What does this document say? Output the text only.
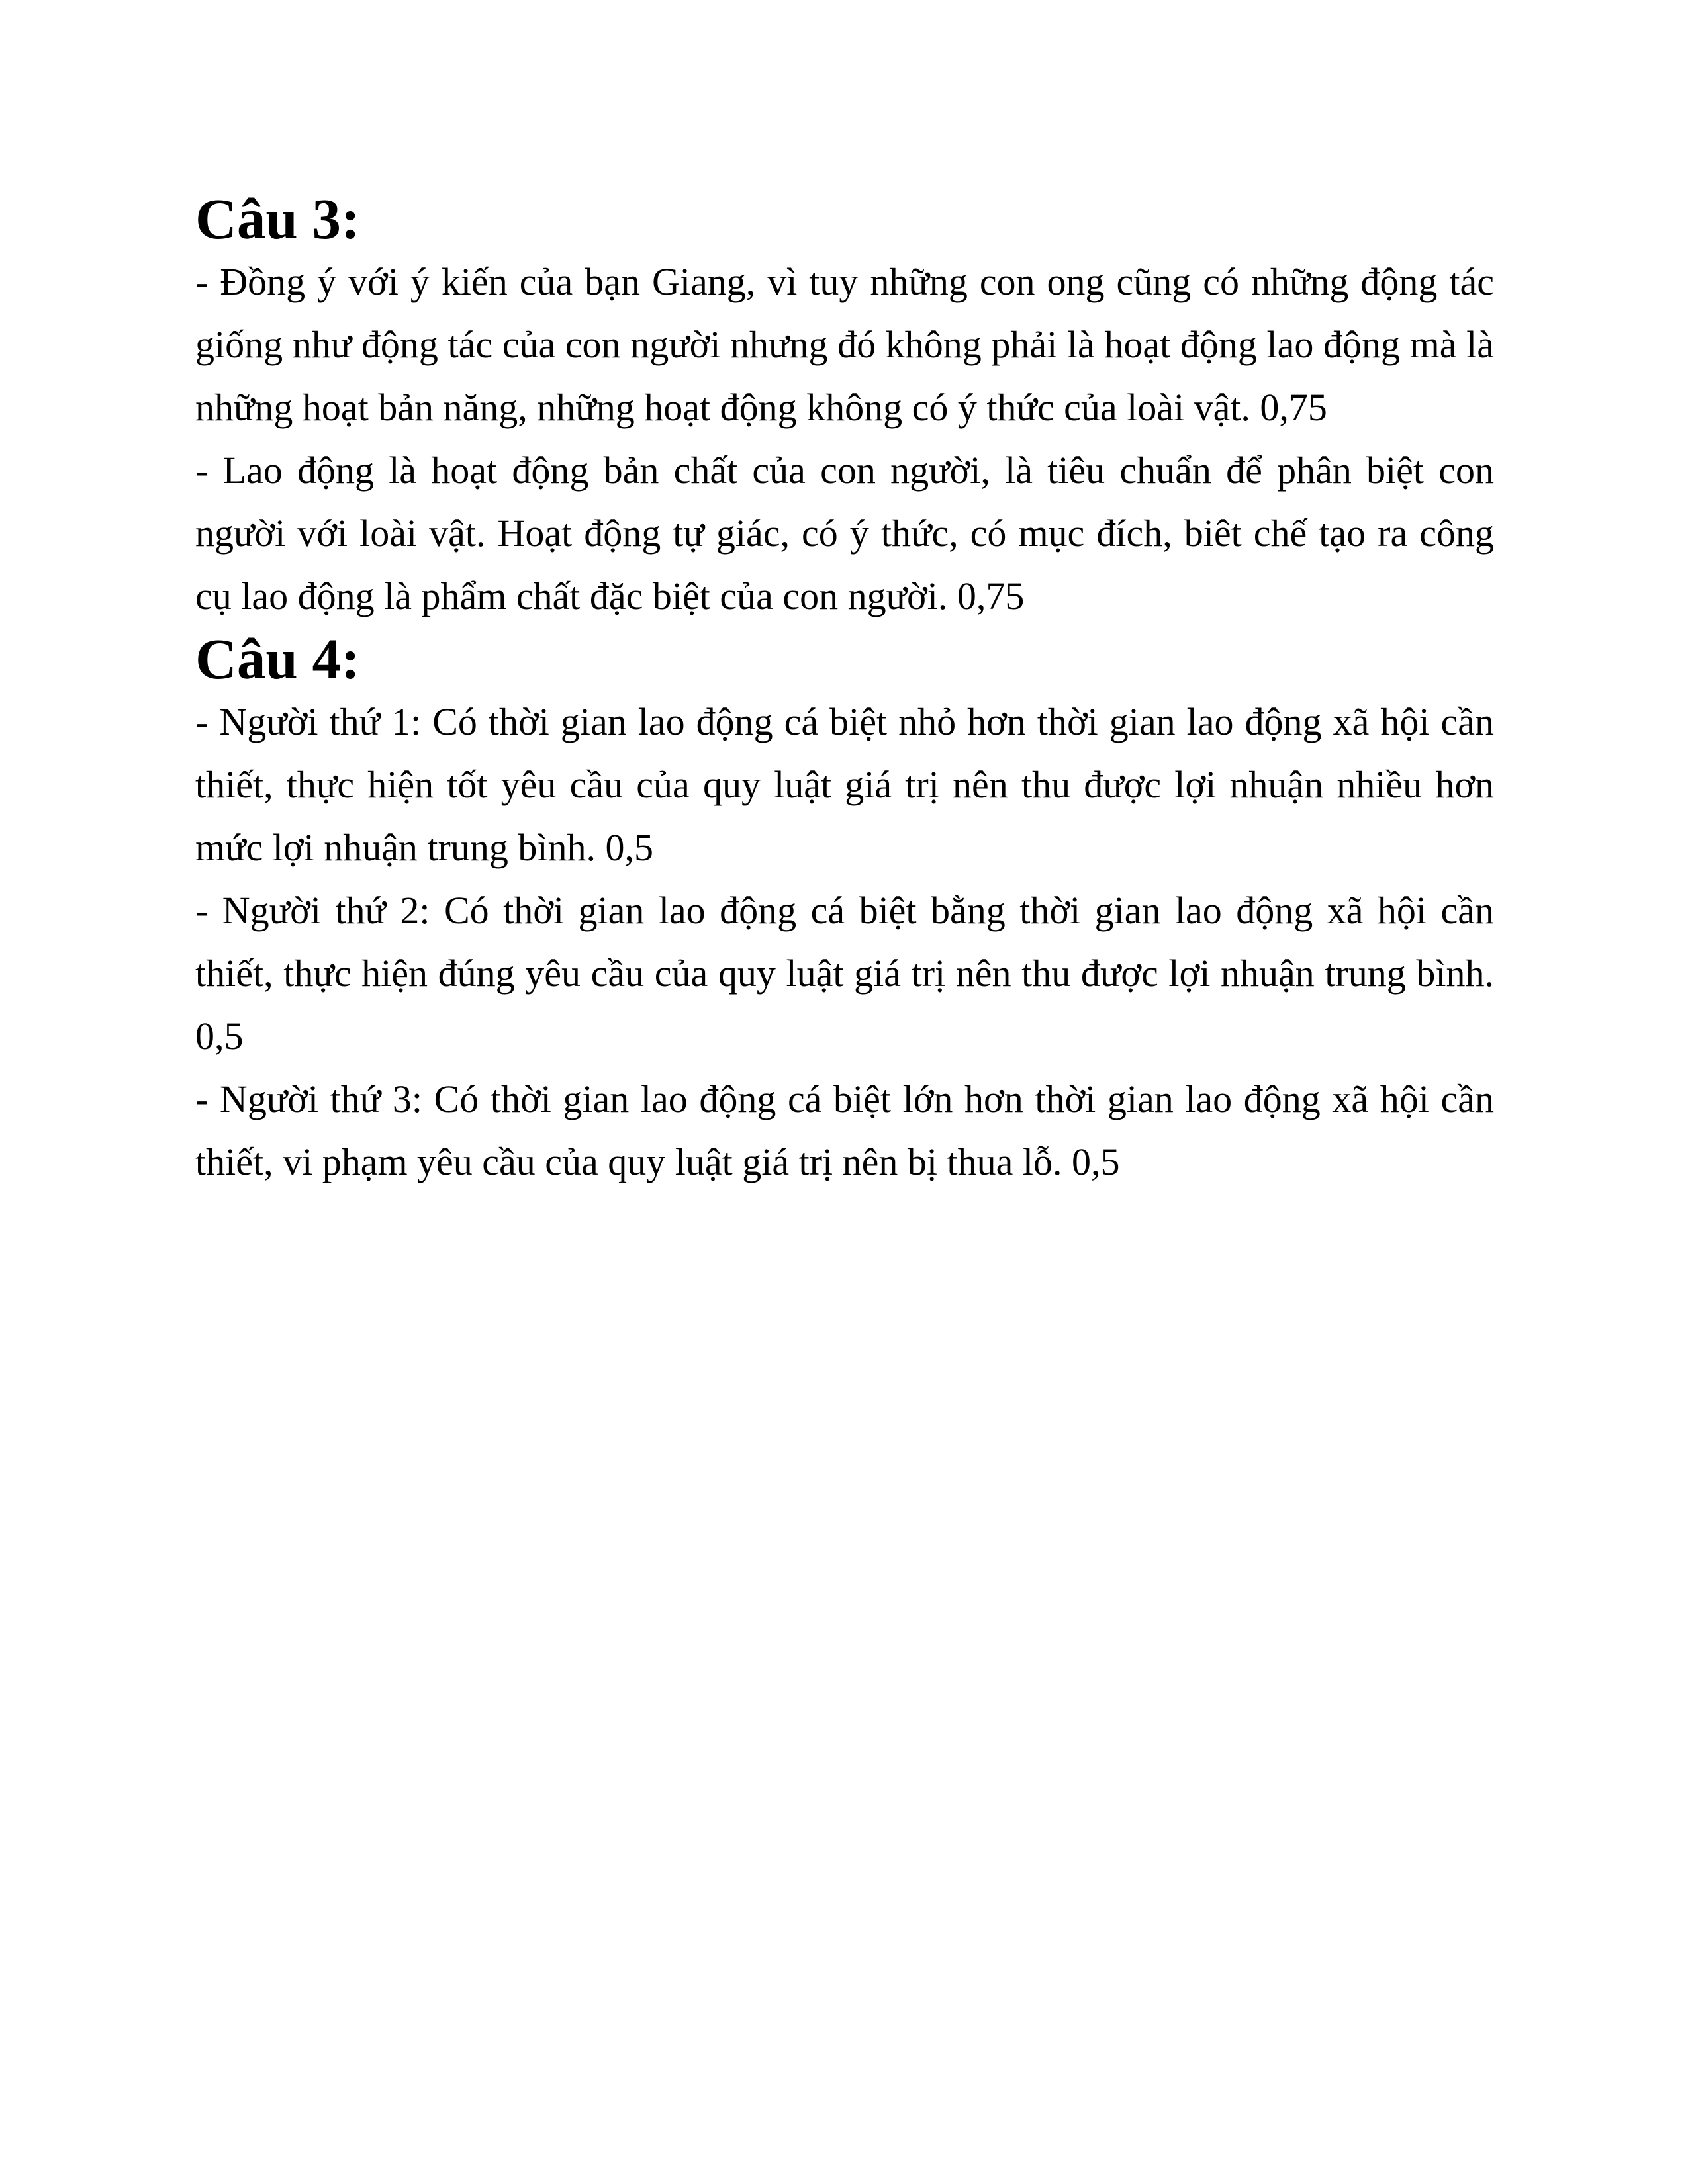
Câu 3:

- Đồng ý với ý kiến của bạn Giang, vì tuy những con ong cũng có những động tác giống như động tác của con người nhưng đó không phải là hoạt động lao động mà là những hoạt bản năng, những hoạt động không có ý thức của loài vật. 0,75

- Lao động là hoạt động bản chất của con người, là tiêu chuẩn để phân biệt con người với loài vật. Hoạt động tự giác, có ý thức, có mục đích, biêt chế tạo ra công cụ lao động là phẩm chất đặc biệt của con người. 0,75

Câu 4:

- Người thứ 1: Có thời gian lao động cá biệt nhỏ hơn thời gian lao động xã hội cần thiết, thực hiện tốt yêu cầu của quy luật giá trị nên thu được lợi nhuận nhiều hơn mức lợi nhuận trung bình. 0,5

- Người thứ 2: Có thời gian lao động cá biệt bằng thời gian lao động xã hội cần thiết, thực hiện đúng yêu cầu của quy luật giá trị nên thu được lợi nhuận trung bình. 0,5

- Người thứ 3: Có thời gian lao động cá biệt lớn hơn thời gian lao động xã hội cần thiết, vi phạm yêu cầu của quy luật giá trị nên bị thua lỗ. 0,5
